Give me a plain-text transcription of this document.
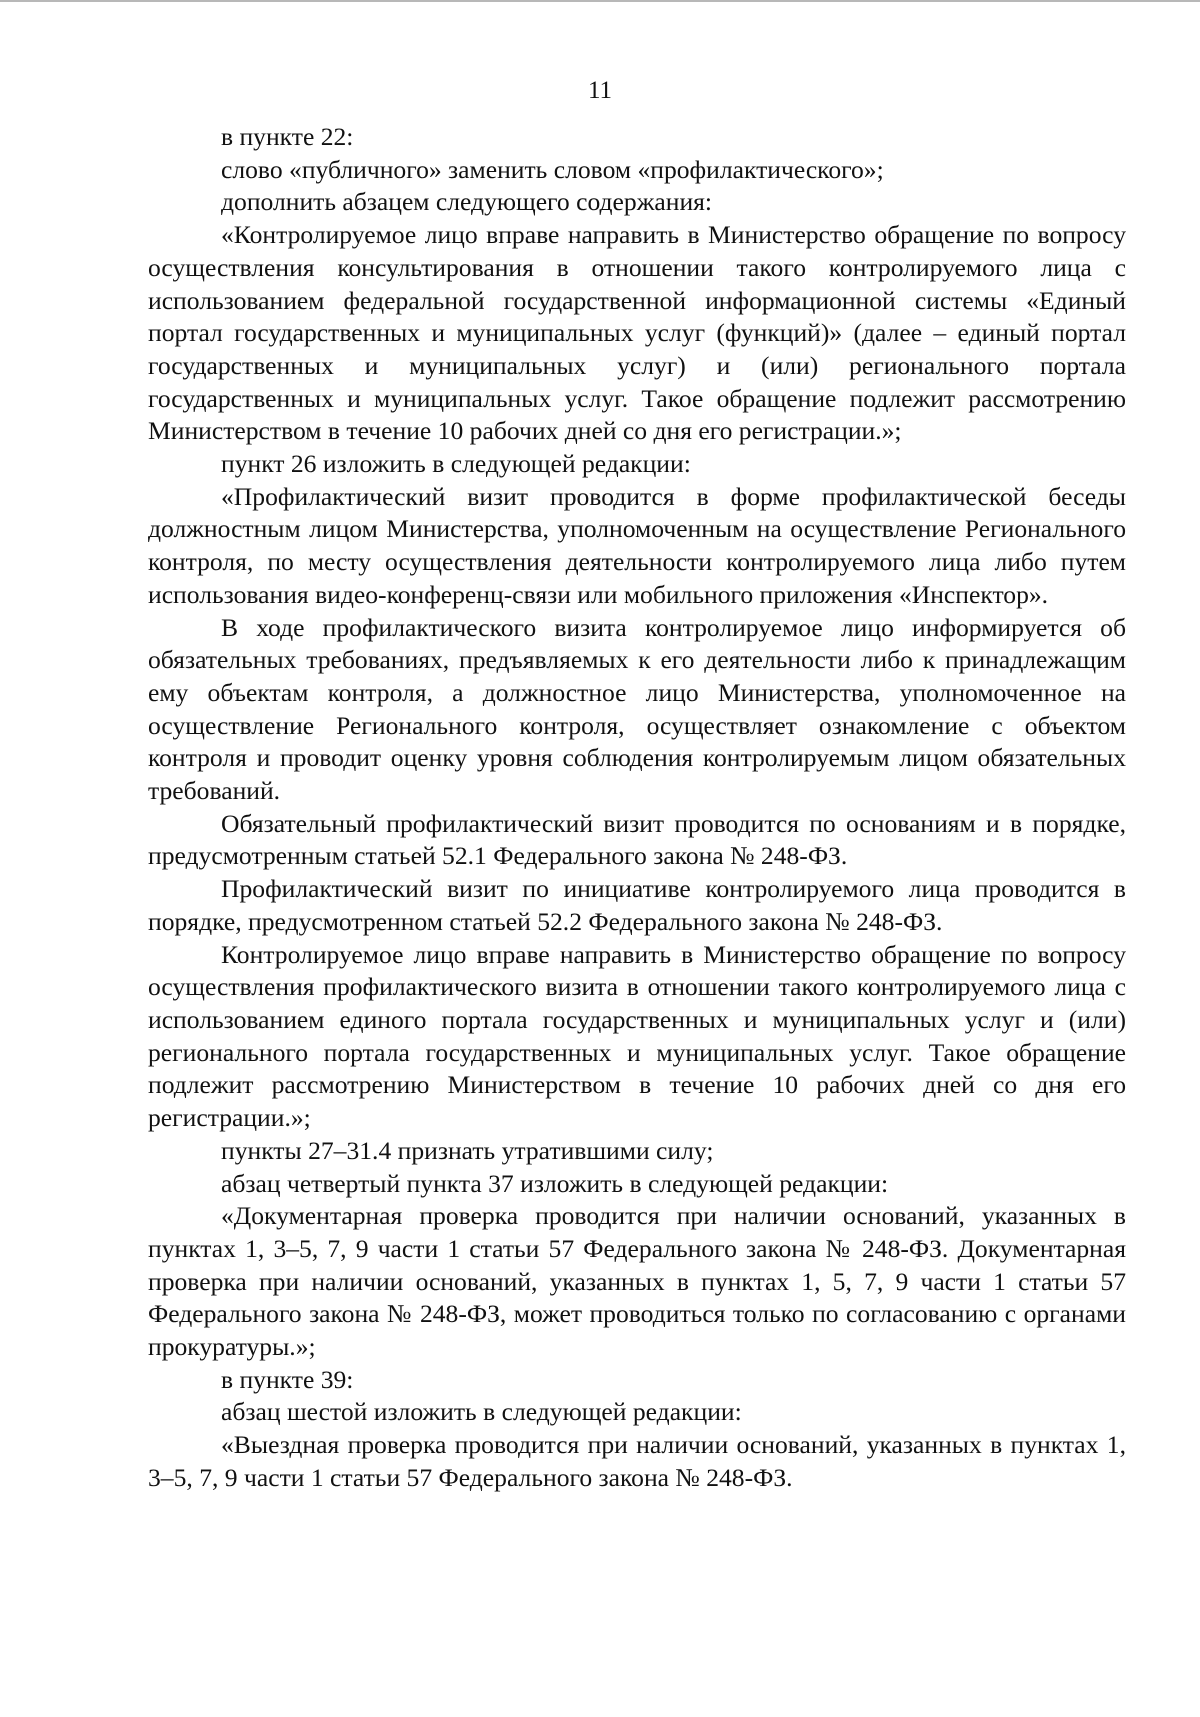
11

в пункте 22:

слово «публичного» заменить словом «профилактического»;

дополнить абзацем следующего содержания:

«Контролируемое лицо вправе направить в Министерство обращение по вопросу осуществления консультирования в отношении такого контролируемого лица с использованием федеральной государственной информационной системы «Единый портал государственных и муниципальных услуг (функций)» (далее – единый портал государственных и муниципальных услуг) и (или) регионального портала государственных и муниципальных услуг. Такое обращение подлежит рассмотрению Министерством в течение 10 рабочих дней со дня его регистрации.»;

пункт 26 изложить в следующей редакции:

«Профилактический визит проводится в форме профилактической беседы должностным лицом Министерства, уполномоченным на осуществление Регионального контроля, по месту осуществления деятельности контролируемого лица либо путем использования видео-конференц-связи или мобильного приложения «Инспектор».

В ходе профилактического визита контролируемое лицо информируется об обязательных требованиях, предъявляемых к его деятельности либо к принадлежащим ему объектам контроля, а должностное лицо Министерства, уполномоченное на осуществление Регионального контроля, осуществляет ознакомление с объектом контроля и проводит оценку уровня соблюдения контролируемым лицом обязательных требований.

Обязательный профилактический визит проводится по основаниям и в порядке, предусмотренным статьей 52.1 Федерального закона № 248-ФЗ.

Профилактический визит по инициативе контролируемого лица проводится в порядке, предусмотренном статьей 52.2 Федерального закона № 248-ФЗ.

Контролируемое лицо вправе направить в Министерство обращение по вопросу осуществления профилактического визита в отношении такого контролируемого лица с использованием единого портала государственных и муниципальных услуг и (или) регионального портала государственных и муниципальных услуг. Такое обращение подлежит рассмотрению Министерством в течение 10 рабочих дней со дня его регистрации.»;

пункты 27–31.4 признать утратившими силу;

абзац четвертый пункта 37 изложить в следующей редакции:

«Документарная проверка проводится при наличии оснований, указанных в пунктах 1, 3–5, 7, 9 части 1 статьи 57 Федерального закона № 248-ФЗ. Документарная проверка при наличии оснований, указанных в пунктах 1, 5, 7, 9 части 1 статьи 57 Федерального закона № 248-ФЗ, может проводиться только по согласованию с органами прокуратуры.»;

в пункте 39:

абзац шестой изложить в следующей редакции:

«Выездная проверка проводится при наличии оснований, указанных в пунктах 1, 3–5, 7, 9 части 1 статьи 57 Федерального закона № 248-ФЗ.
